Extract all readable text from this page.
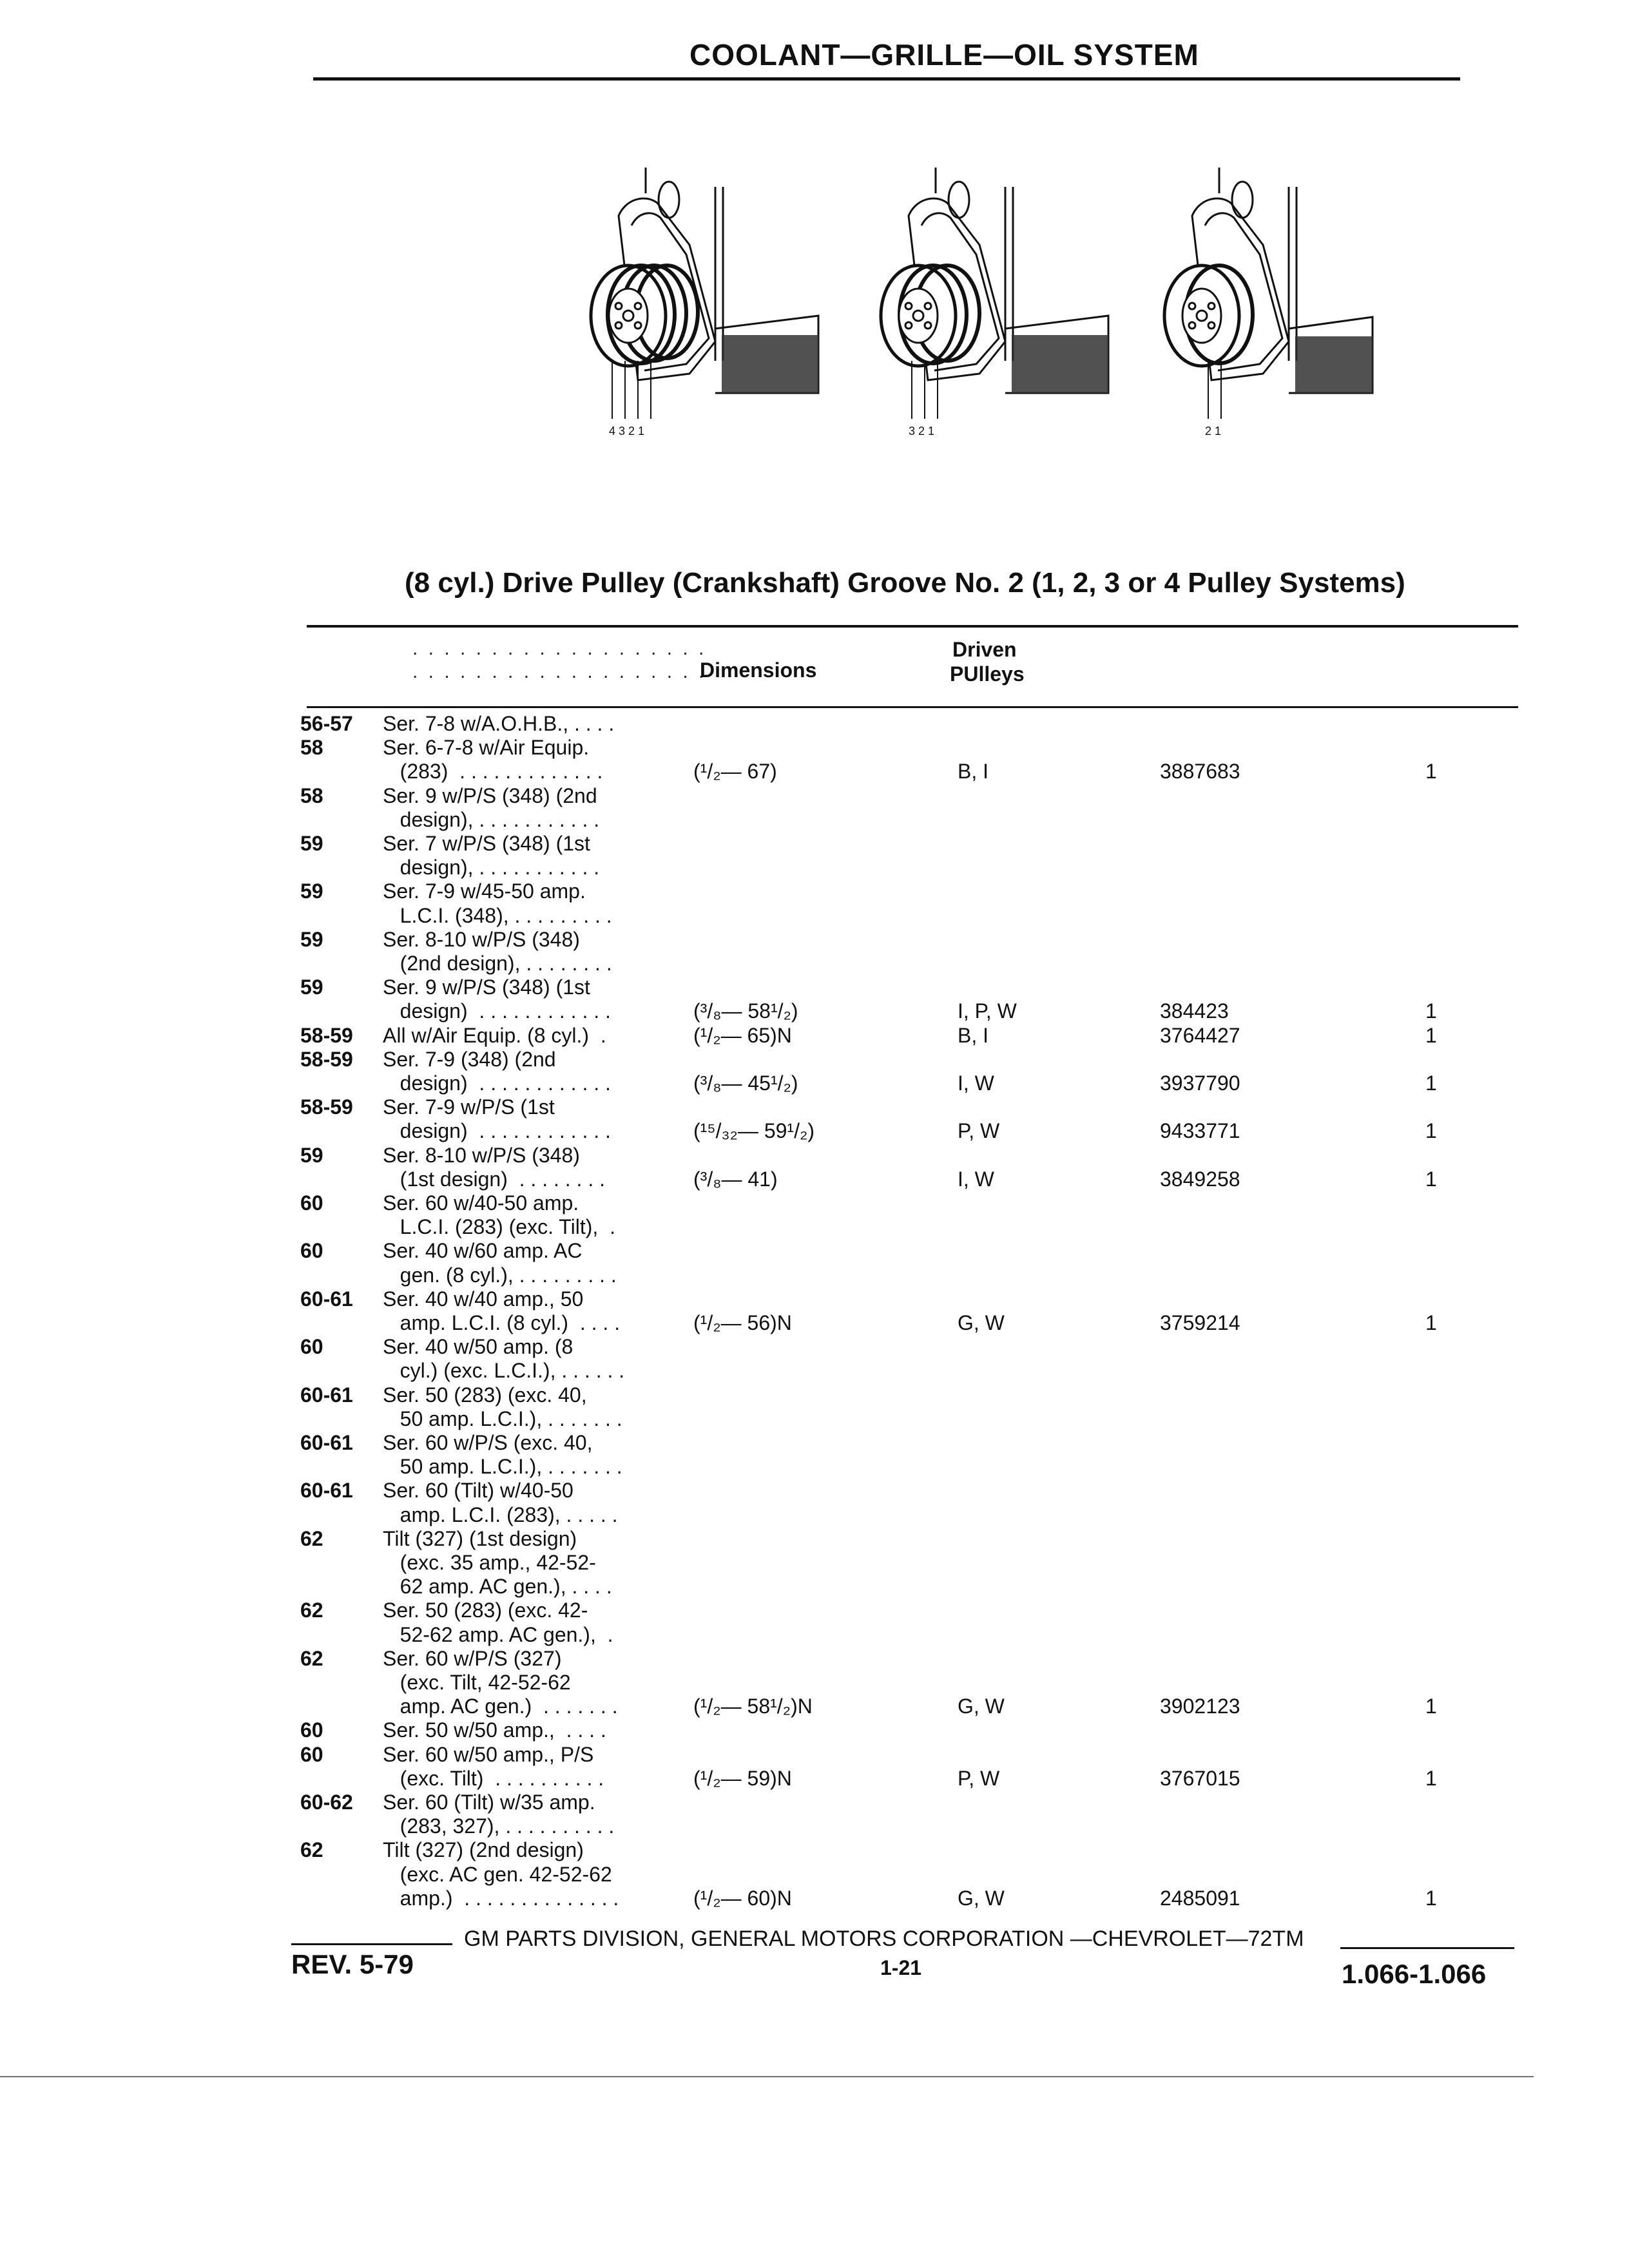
COOLANT—GRILLE—OIL SYSTEM
4 3 2 1	3 2 1	2 1
(8 cyl.) Drive Pulley (Crankshaft) Groove No. 2 (1, 2, 3 or 4 Pulley Systems)
. . . . . . . . . . . . . . . . . . .
. . . . . . . . . . . . . . . . . . .
Dimensions
Driven
PUlleys
56-57 Ser. 7-8 w/A.O.H.B., . . . .
58	Ser. 6-7-8 w/Air Equip.
(283)  . . . . . . . . . . . . .	(¹/₂— 67)	B, I	3887683	1
58	Ser. 9 w/P/S (348) (2nd
design), . . . . . . . . . . .
59	Ser. 7 w/P/S (348) (1st
design), . . . . . . . . . . .
59	Ser. 7-9 w/45-50 amp.
L.C.I. (348), . . . . . . . . .
59	Ser. 8-10 w/P/S (348)
(2nd design), . . . . . . . .
59	Ser. 9 w/P/S (348) (1st
design)  . . . . . . . . . . . .	(³/₈— 58¹/₂)	I, P, W	384423	1
58-59 All w/Air Equip. (8 cyl.)  .	(¹/₂— 65)N	B, I	3764427	1
58-59 Ser. 7-9 (348) (2nd
design)  . . . . . . . . . . . .	(³/₈— 45¹/₂)	I, W	3937790	1
58-59 Ser. 7-9 w/P/S (1st
design)  . . . . . . . . . . . .	(¹⁵/₃₂— 59¹/₂)	P, W	9433771	1
59	Ser. 8-10 w/P/S (348)
(1st design)  . . . . . . . .	(³/₈— 41)	I, W	3849258	1
60	Ser. 60 w/40-50 amp.
L.C.I. (283) (exc. Tilt),  .
60	Ser. 40 w/60 amp. AC
gen. (8 cyl.), . . . . . . . . .
60-61 Ser. 40 w/40 amp., 50
amp. L.C.I. (8 cyl.)  . . . .	(¹/₂— 56)N	G, W	3759214	1
60	Ser. 40 w/50 amp. (8
cyl.) (exc. L.C.I.), . . . . . .
60-61 Ser. 50 (283) (exc. 40,
50 amp. L.C.I.), . . . . . . .
60-61 Ser. 60 w/P/S (exc. 40,
50 amp. L.C.I.), . . . . . . .
60-61 Ser. 60 (Tilt) w/40-50
amp. L.C.I. (283), . . . . .
62	Tilt (327) (1st design)
(exc. 35 amp., 42-52-
62 amp. AC gen.), . . . .
62	Ser. 50 (283) (exc. 42-
52-62 amp. AC gen.),  .
62	Ser. 60 w/P/S (327)
(exc. Tilt, 42-52-62
amp. AC gen.)  . . . . . . .	(¹/₂— 58¹/₂)N	G, W	3902123	1
60	Ser. 50 w/50 amp.,  . . . .
60	Ser. 60 w/50 amp., P/S
(exc. Tilt)  . . . . . . . . . .	(¹/₂— 59)N	P, W	3767015	1
60-62 Ser. 60 (Tilt) w/35 amp.
(283, 327), . . . . . . . . . .
62	Tilt (327) (2nd design)
(exc. AC gen. 42-52-62
amp.)  . . . . . . . . . . . . . .	(¹/₂— 60)N	G, W	2485091	1
GM PARTS DIVISION, GENERAL MOTORS CORPORATION —CHEVROLET—72TM
REV. 5-79	1-21	1.066-1.066
